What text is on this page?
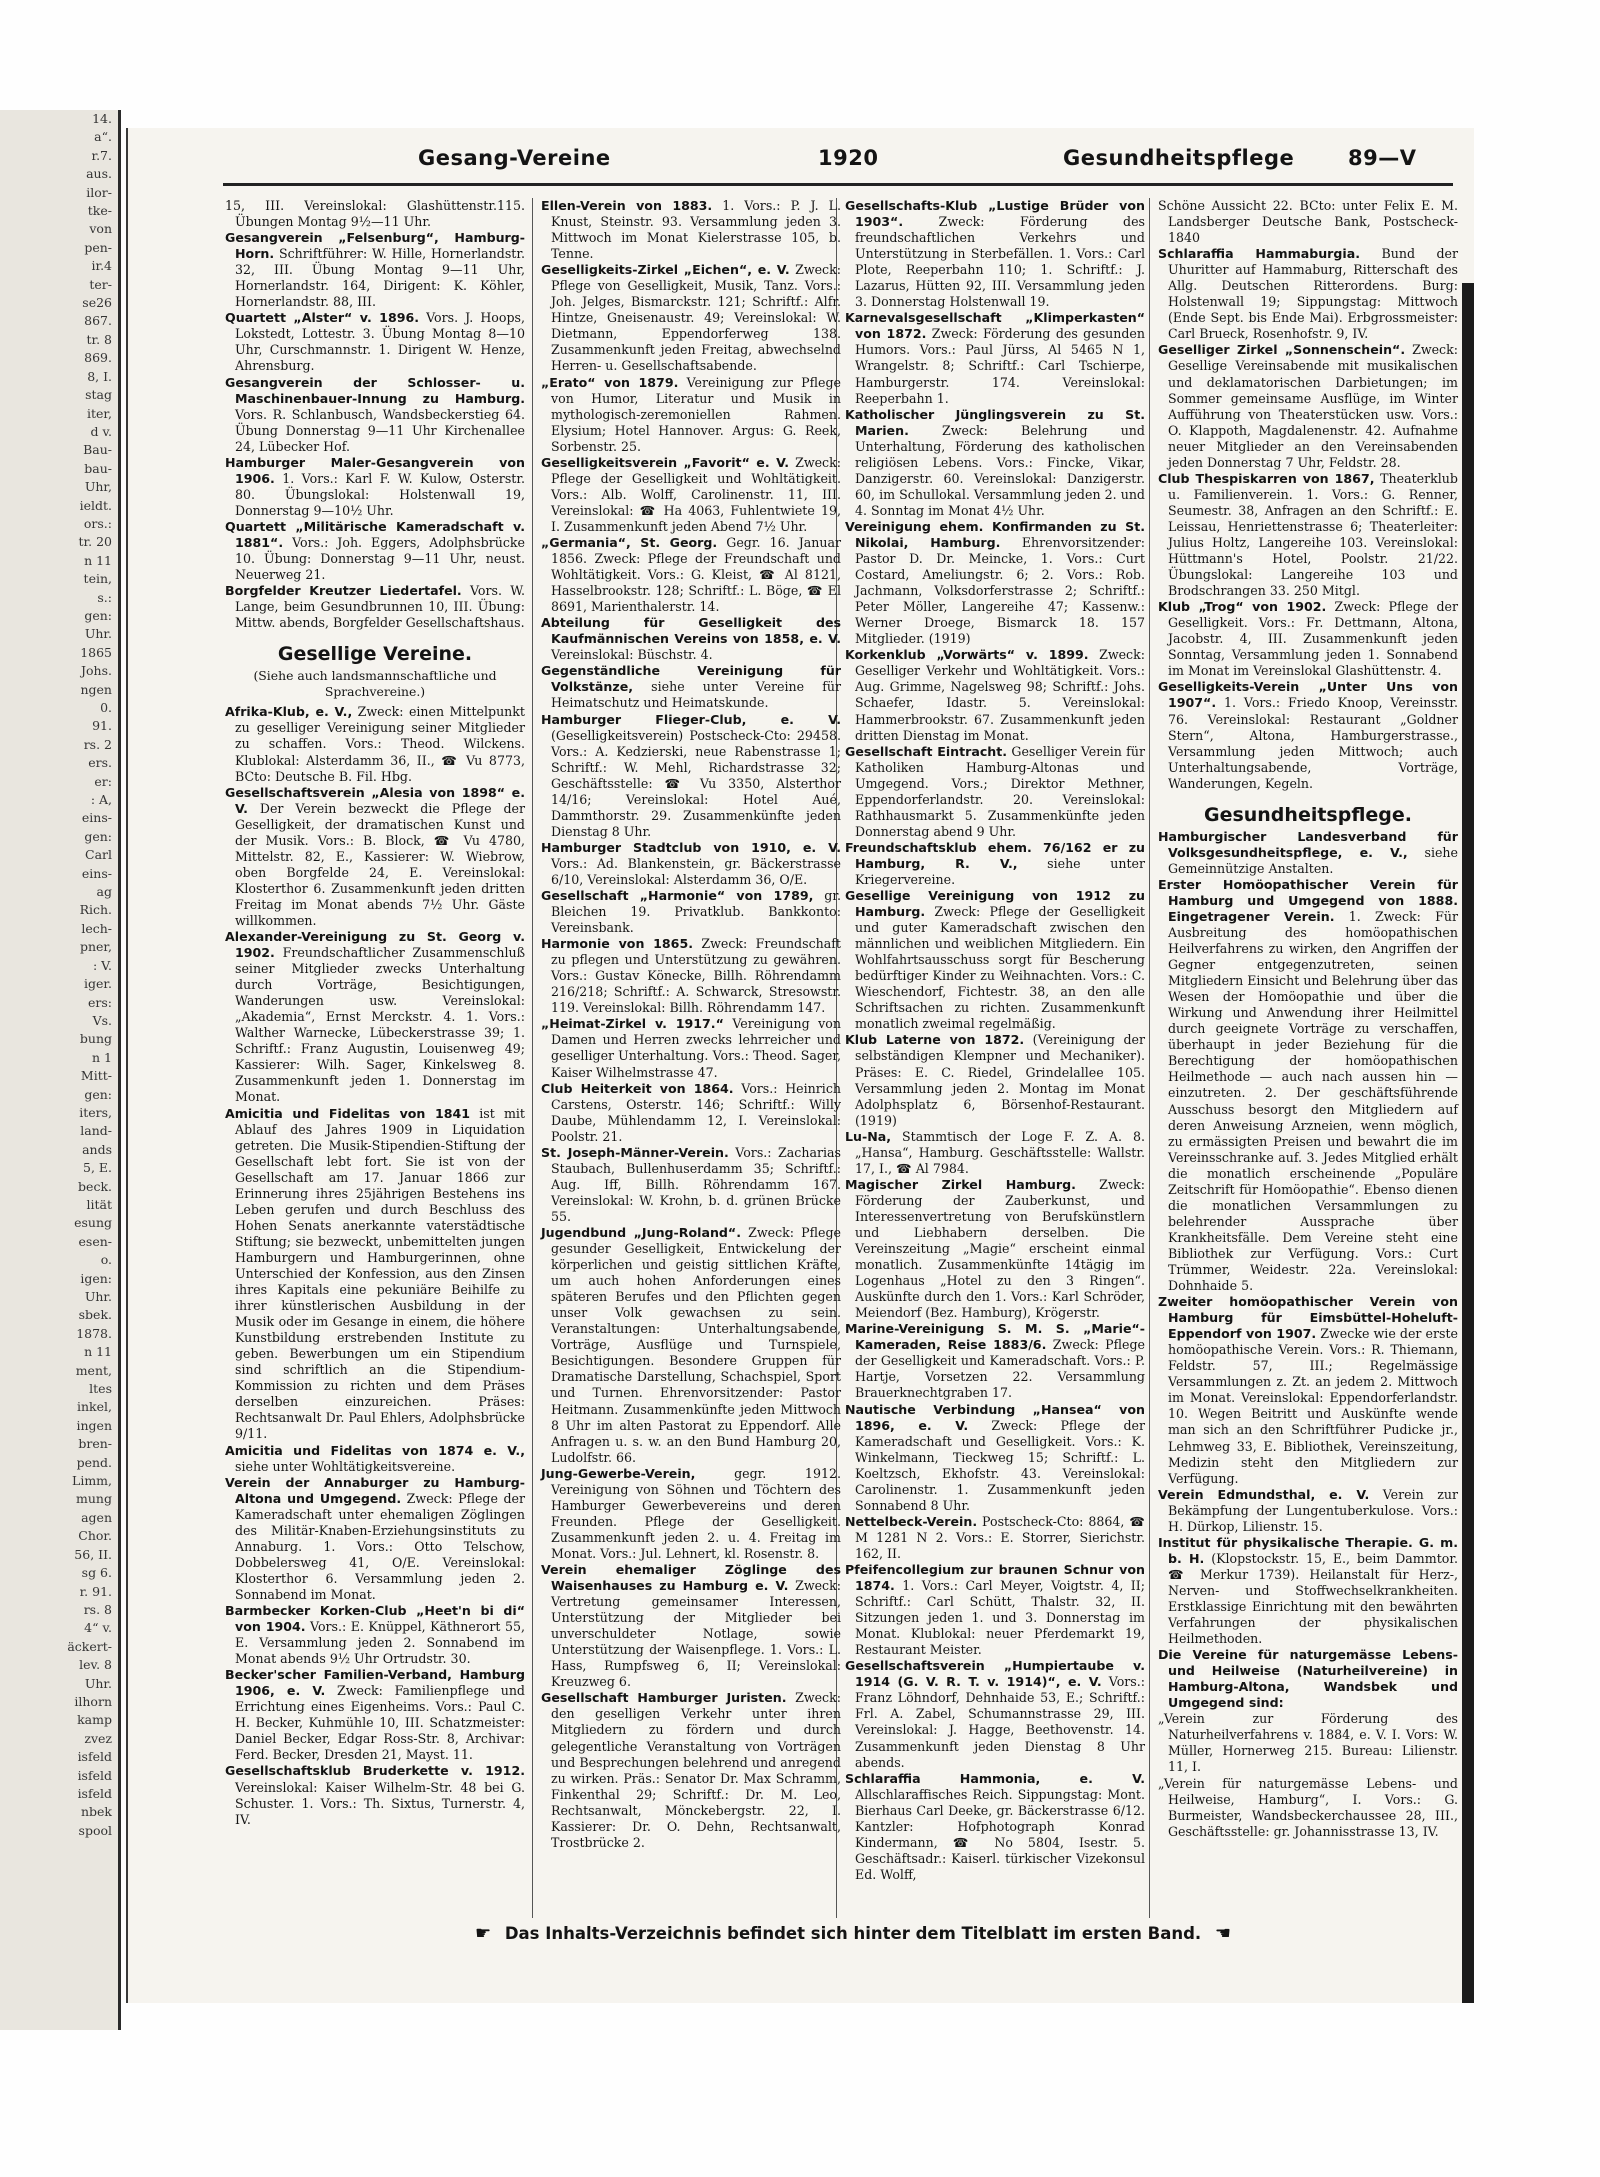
14.
a“.
r.7.
aus.
ilor-
tke-
von
pen-
ir.4
ter-
se26
867.
tr. 8
869.
8, I.
stag
iter,
d v.
Bau-
bau-
Uhr,
ieldt.
ors.:
tr. 20
n 11
tein,
s.:
gen:
Uhr.
1865
Johs.
ngen
0.
91.
rs. 2
ers.
er:
: A,
eins-
gen:
Carl
eins-
ag
Rich.
lech-
pner,
: V.
iger.
ers:
Vs.
bung
n 1
Mitt-
gen:
iters,
land-
ands
5, E.
beck.
lität
esung
esen-
o.
igen:
Uhr.
sbek.
1878.
n 11
ment,
ltes
inkel,
ingen
bren-
pend.
Limm,
mung
agen
Chor.
56, II.
sg 6.
r. 91.
rs. 8
4“ v.
äckert-
lev. 8
Uhr.
ilhorn
kamp
zvez
isfeld
isfeld
isfeld
nbek
spool
Gesang-Vereine	1920	Gesundheitspflege	89—V
15, III. Vereinslokal: Glashüttenstr.115. Übungen Montag 9½—11 Uhr.
Gesangverein „Felsenburg“, Hamburg-Horn. Schriftführer: W. Hille, Hornerlandstr. 32, III. Übung Montag 9—11 Uhr, Hornerlandstr. 164, Dirigent: K. Köhler, Hornerlandstr. 88, III.
Quartett „Alster“ v. 1896. Vors. J. Hoops, Lokstedt, Lottestr. 3. Übung Montag 8—10 Uhr, Curschmannstr. 1. Dirigent W. Henze, Ahrensburg.
Gesangverein der Schlosser- u. Maschinenbauer-Innung zu Hamburg. Vors. R. Schlanbusch, Wandsbeckerstieg 64. Übung Donnerstag 9—11 Uhr Kirchenallee 24, Lübecker Hof.
Hamburger Maler-Gesangverein von 1906. 1. Vors.: Karl F. W. Kulow, Osterstr. 80. Übungslokal: Holstenwall 19, Donnerstag 9—10½ Uhr.
Quartett „Militärische Kameradschaft v. 1881“. Vors.: Joh. Eggers, Adolphsbrücke 10. Übung: Donnerstag 9—11 Uhr, neust. Neuerweg 21.
Borgfelder Kreutzer Liedertafel. Vors. W. Lange, beim Gesundbrunnen 10, III. Übung: Mittw. abends, Borgfelder Gesellschaftshaus.
Gesellige Vereine.
(Siehe auch landsmannschaftliche und Sprachvereine.)
Afrika-Klub, e. V., Zweck: einen Mittelpunkt zu geselliger Vereinigung seiner Mitglieder zu schaffen. Vors.: Theod. Wilckens. Klublokal: Alsterdamm 36, II., ☎ Vu 8773, BCto: Deutsche B. Fil. Hbg.
Gesellschaftsverein „Alesia von 1898“ e. V. Der Verein bezweckt die Pflege der Geselligkeit, der dramatischen Kunst und der Musik. Vors.: B. Block, ☎ Vu 4780, Mittelstr. 82, E., Kassierer: W. Wiebrow, oben Borgfelde 24, E. Vereinslokal: Klosterthor 6. Zusammenkunft jeden dritten Freitag im Monat abends 7½ Uhr. Gäste willkommen.
Alexander-Vereinigung zu St. Georg v. 1902. Freundschaftlicher Zusammenschluß seiner Mitglieder zwecks Unterhaltung durch Vorträge, Besichtigungen, Wanderungen usw. Vereinslokal: „Akademia“, Ernst Merckstr. 4. 1. Vors.: Walther Warnecke, Lübeckerstrasse 39; 1. Schriftf.: Franz Augustin, Louisenweg 49; Kassierer: Wilh. Sager, Kinkelsweg 8. Zusammenkunft jeden 1. Donnerstag im Monat.
Amicitia und Fidelitas von 1841 ist mit Ablauf des Jahres 1909 in Liquidation getreten. Die Musik-Stipendien-Stiftung der Gesellschaft lebt fort. Sie ist von der Gesellschaft am 17. Januar 1866 zur Erinnerung ihres 25jährigen Bestehens ins Leben gerufen und durch Beschluss des Hohen Senats anerkannte vaterstädtische Stiftung; sie bezweckt, unbemittelten jungen Hamburgern und Hamburgerinnen, ohne Unterschied der Konfession, aus den Zinsen ihres Kapitals eine pekuniäre Beihilfe zu ihrer künstlerischen Ausbildung in der Musik oder im Gesange in einem, die höhere Kunstbildung erstrebenden Institute zu geben. Bewerbungen um ein Stipendium sind schriftlich an die Stipendium-Kommission zu richten und dem Präses derselben einzureichen. Präses: Rechtsanwalt Dr. Paul Ehlers, Adolphsbrücke 9/11.
Amicitia und Fidelitas von 1874 e. V., siehe unter Wohltätigkeitsvereine.
Verein der Annaburger zu Hamburg-Altona und Umgegend. Zweck: Pflege der Kameradschaft unter ehemaligen Zöglingen des Militär-Knaben-Erziehungsinstituts zu Annaburg. 1. Vors.: Otto Telschow, Dobbelersweg 41, O/E. Vereinslokal: Klosterthor 6. Versammlung jeden 2. Sonnabend im Monat.
Barmbecker Korken-Club „Heet'n bi di“ von 1904. Vors.: E. Knüppel, Käthnerort 55, E. Versammlung jeden 2. Sonnabend im Monat abends 9½ Uhr Ortrudstr. 30.
Becker'scher Familien-Verband, Hamburg 1906, e. V. Zweck: Familienpflege und Errichtung eines Eigenheims. Vors.: Paul C. H. Becker, Kuhmühle 10, III. Schatzmeister: Daniel Becker, Edgar Ross-Str. 8, Archivar: Ferd. Becker, Dresden 21, Mayst. 11.
Gesellschaftsklub Bruderkette v. 1912. Vereinslokal: Kaiser Wilhelm-Str. 48 bei G. Schuster. 1. Vors.: Th. Sixtus, Turnerstr. 4, IV.
Ellen-Verein von 1883. 1. Vors.: P. J. L. Knust, Steinstr. 93. Versammlung jeden 3. Mittwoch im Monat Kielerstrasse 105, b. Tenne.
Geselligkeits-Zirkel „Eichen“, e. V. Zweck: Pflege von Geselligkeit, Musik, Tanz. Vors.: Joh. Jelges, Bismarckstr. 121; Schriftf.: Alfr. Hintze, Gneisenaustr. 49; Vereinslokal: W. Dietmann, Eppendorferweg 138. Zusammenkunft jeden Freitag, abwechselnd Herren- u. Gesellschaftsabende.
„Erato“ von 1879. Vereinigung zur Pflege von Humor, Literatur und Musik in mythologisch-zeremoniellen Rahmen. Elysium; Hotel Hannover. Argus: G. Reek, Sorbenstr. 25.
Geselligkeitsverein „Favorit“ e. V. Zweck: Pflege der Geselligkeit und Wohltätigkeit. Vors.: Alb. Wolff, Carolinenstr. 11, III. Vereinslokal: ☎ Ha 4063, Fuhlentwiete 19, I. Zusammenkunft jeden Abend 7½ Uhr.
„Germania“, St. Georg. Gegr. 16. Januar 1856. Zweck: Pflege der Freundschaft und Wohltätigkeit. Vors.: G. Kleist, ☎ Al 8121, Hasselbrookstr. 128; Schriftf.: L. Böge, ☎ El 8691, Marienthalerstr. 14.
Abteilung für Geselligkeit des Kaufmännischen Vereins von 1858, e. V. Vereinslokal: Büschstr. 4.
Gegenständliche Vereinigung für Volkstänze, siehe unter Vereine für Heimatschutz und Heimatskunde.
Hamburger Flieger-Club, e. V. (Geselligkeitsverein) Postscheck-Cto: 29458. Vors.: A. Kedzierski, neue Rabenstrasse 1; Schriftf.: W. Mehl, Richardstrasse 32; Geschäftsstelle: ☎ Vu 3350, Alsterthor 14/16; Vereinslokal: Hotel Aué, Dammthorstr. 29. Zusammenkünfte jeden Dienstag 8 Uhr.
Hamburger Stadtclub von 1910, e. V. Vors.: Ad. Blankenstein, gr. Bäckerstrasse 6/10, Vereinslokal: Alsterdamm 36, O/E.
Gesellschaft „Harmonie“ von 1789, gr. Bleichen 19. Privatklub. Bankkonto: Vereinsbank.
Harmonie von 1865. Zweck: Freundschaft zu pflegen und Unterstützung zu gewähren. Vors.: Gustav Könecke, Billh. Röhrendamm 216/218; Schriftf.: A. Schwarck, Stresowstr. 119. Vereinslokal: Billh. Röhrendamm 147.
„Heimat-Zirkel v. 1917.“ Vereinigung von Damen und Herren zwecks lehrreicher und geselliger Unterhaltung. Vors.: Theod. Sager, Kaiser Wilhelmstrasse 47.
Club Heiterkeit von 1864. Vors.: Heinrich Carstens, Osterstr. 146; Schriftf.: Willy Daube, Mühlendamm 12, I. Vereinslokal: Poolstr. 21.
St. Joseph-Männer-Verein. Vors.: Zacharias Staubach, Bullenhuserdamm 35; Schriftf.: Aug. Iff, Billh. Röhrendamm 167. Vereinslokal: W. Krohn, b. d. grünen Brücke 55.
Jugendbund „Jung-Roland“. Zweck: Pflege gesunder Geselligkeit, Entwickelung der körperlichen und geistig sittlichen Kräfte, um auch hohen Anforderungen eines späteren Berufes und den Pflichten gegen unser Volk gewachsen zu sein. Veranstaltungen: Unterhaltungsabende, Vorträge, Ausflüge und Turnspiele, Besichtigungen. Besondere Gruppen für Dramatische Darstellung, Schachspiel, Sport und Turnen. Ehrenvorsitzender: Pastor Heitmann. Zusammenkünfte jeden Mittwoch 8 Uhr im alten Pastorat zu Eppendorf. Alle Anfragen u. s. w. an den Bund Hamburg 20, Ludolfstr. 66.
Jung-Gewerbe-Verein,	gegr. 1912. Vereinigung von Söhnen und Töchtern des Hamburger Gewerbevereins und deren Freunden. Pflege der Geselligkeit. Zusammenkunft jeden 2. u. 4. Freitag im Monat. Vors.: Jul. Lehnert, kl. Rosenstr. 8.
Verein ehemaliger Zöglinge des Waisenhauses zu Hamburg e. V. Zweck: Vertretung gemeinsamer Interessen, Unterstützung der Mitglieder bei unverschuldeter Notlage, sowie Unterstützung der Waisenpflege. 1. Vors.: L. Hass, Rumpfsweg 6, II; Vereinslokal: Kreuzweg 6.
Gesellschaft Hamburger Juristen. Zweck: den geselligen Verkehr unter ihren Mitgliedern zu fördern und durch gelegentliche Veranstaltung von Vorträgen und Besprechungen belehrend und anregend zu wirken. Präs.: Senator Dr. Max Schramm, Finkenthal 29; Schriftf.: Dr. M. Leo, Rechtsanwalt, Mönckebergstr. 22, I. Kassierer: Dr. O. Dehn, Rechtsanwalt, Trostbrücke 2.
Gesellschafts-Klub „Lustige Brüder von 1903“.	Zweck: Förderung des freundschaftlichen Verkehrs und Unterstützung in Sterbefällen. 1. Vors.: Carl Plote, Reeperbahn 110; 1. Schriftf.: J. Lazarus, Hütten 92, III. Versammlung jeden 3. Donnerstag Holstenwall 19.
Karnevalsgesellschaft „Klimperkasten“ von 1872. Zweck: Förderung des gesunden Humors. Vors.: Paul Jürss, Al 5465 N 1, Wrangelstr. 8; Schriftf.: Carl Tschierpe, Hamburgerstr. 174. Vereinslokal: Reeperbahn 1.
Katholischer Jünglingsverein zu St. Marien.	Zweck: Belehrung und Unterhaltung, Förderung des katholischen religiösen Lebens. Vors.: Fincke, Vikar, Danzigerstr. 60. Vereinslokal: Danzigerstr. 60, im Schullokal. Versammlung jeden 2. und 4. Sonntag im Monat 4½ Uhr.
Vereinigung ehem. Konfirmanden zu St. Nikolai, Hamburg. Ehrenvorsitzender: Pastor D. Dr. Meincke, 1. Vors.: Curt Costard, Ameliungstr. 6; 2. Vors.: Rob. Jachmann, Volksdorferstrasse 2; Schriftf.: Peter Möller, Langereihe 47; Kassenw.: Werner Droege, Bismarck 18. 157 Mitglieder. (1919)
Korkenklub „Vorwärts“ v. 1899. Zweck: Geselliger Verkehr und Wohltätigkeit. Vors.: Aug. Grimme, Nagelsweg 98; Schriftf.: Johs. Schaefer, Idastr. 5. Vereinslokal: Hammerbrookstr. 67. Zusammenkunft jeden dritten Dienstag im Monat.
Gesellschaft Eintracht. Geselliger Verein für Katholiken Hamburg-Altonas und Umgegend. Vors.; Direktor Methner, Eppendorferlandstr. 20. Vereinslokal: Rathhausmarkt 5. Zusammenkünfte jeden Donnerstag abend 9 Uhr.
Freundschaftsklub ehem. 76/162 er zu Hamburg, R. V., siehe unter Kriegervereine.
Gesellige Vereinigung von 1912 zu Hamburg. Zweck: Pflege der Geselligkeit und guter Kameradschaft zwischen den männlichen und weiblichen Mitgliedern. Ein Wohlfahrtsausschuss sorgt für Bescherung bedürftiger Kinder zu Weihnachten. Vors.: C. Wieschendorf, Fichtestr. 38, an den alle Schriftsachen zu richten. Zusammenkunft monatlich zweimal regelmäßig.
Klub Laterne von 1872. (Vereinigung der selbständigen Klempner und Mechaniker). Präses: E. C. Riedel, Grindelallee 105. Versammlung jeden 2. Montag im Monat Adolphsplatz 6, Börsenhof-Restaurant. (1919)
Lu-Na, Stammtisch der Loge F. Z. A. 8. „Hansa“, Hamburg. Geschäftsstelle: Wallstr. 17, I., ☎ Al 7984.
Magischer Zirkel Hamburg. Zweck: Förderung der Zauberkunst, und Interessenvertretung von Berufskünstlern und Liebhabern derselben. Die Vereinszeitung „Magie“ erscheint einmal monatlich. Zusammenkünfte 14tägig im Logenhaus „Hotel zu den 3 Ringen“. Auskünfte durch den 1. Vors.: Karl Schröder, Meiendorf (Bez. Hamburg), Krögerstr.
Marine-Vereinigung S. M. S. „Marie“-Kameraden, Reise 1883/6. Zweck: Pflege der Geselligkeit und Kameradschaft. Vors.: P. Hartje, Vorsetzen 22. Versammlung Brauerknechtgraben 17.
Nautische Verbindung „Hansea“ von 1896, e. V. Zweck: Pflege der Kameradschaft und Geselligkeit. Vors.: K. Winkelmann, Tieckweg 15; Schriftf.: L. Koeltzsch, Ekhofstr. 43. Vereinslokal: Carolinenstr. 1. Zusammenkunft jeden Sonnabend 8 Uhr.
Nettelbeck-Verein. Postscheck-Cto: 8864, ☎ M 1281 N 2. Vors.: E. Storrer, Sierichstr. 162, II.
Pfeifencollegium zur braunen Schnur von 1874. 1. Vors.: Carl Meyer, Voigtstr. 4, II; Schriftf.: Carl Schütt, Thalstr. 32, II. Sitzungen jeden 1. und 3. Donnerstag im Monat. Klublokal: neuer Pferdemarkt 19, Restaurant Meister.
Gesellschaftsverein „Humpiertaube v. 1914 (G. V. R. T. v. 1914)“, e. V. Vors.: Franz Löhndorf, Dehnhaide 53, E.; Schriftf.: Frl. A. Zabel, Schumannstrasse 29, III. Vereinslokal: J. Hagge, Beethovenstr. 14. Zusammenkunft jeden Dienstag 8 Uhr abends.
Schlaraffia Hammonia, e. V. Allschlaraffisches Reich. Sippungstag: Mont. Bierhaus Carl Deeke, gr. Bäckerstrasse 6/12. Kantzler: Hofphotograph Konrad Kindermann, ☎ No 5804, Isestr. 5. Geschäftsadr.: Kaiserl. türkischer Vizekonsul Ed. Wolff,
Schöne Aussicht 22. BCto: unter Felix E. M. Landsberger Deutsche Bank, Postscheck- 1840
Schlaraffia Hammaburgia. Bund der Uhuritter auf Hammaburg, Ritterschaft des Allg. Deutschen Ritterordens. Burg: Holstenwall 19; Sippungstag: Mittwoch (Ende Sept. bis Ende Mai). Erbgrossmeister: Carl Brueck, Rosenhofstr. 9, IV.
Geselliger Zirkel „Sonnenschein“. Zweck: Gesellige Vereinsabende mit musikalischen und deklamatorischen Darbietungen; im Sommer gemeinsame Ausflüge, im Winter Aufführung von Theaterstücken usw. Vors.: O. Klappoth, Magdalenenstr. 42. Aufnahme neuer Mitglieder an den Vereinsabenden jeden Donnerstag 7 Uhr, Feldstr. 28.
Club Thespiskarren von 1867, Theaterklub u. Familienverein. 1. Vors.: G. Renner, Seumestr. 38, Anfragen an den Schriftf.: E. Leissau, Henriettenstrasse 6; Theaterleiter: Julius Holtz, Langereihe 103. Vereinslokal: Hüttmann's Hotel, Poolstr. 21/22. Übungslokal: Langereihe 103 und Brodschrangen 33. 250 Mitgl.
Klub „Trog“ von 1902. Zweck: Pflege der Geselligkeit. Vors.: Fr. Dettmann, Altona, Jacobstr. 4, III. Zusammenkunft jeden Sonntag, Versammlung jeden 1. Sonnabend im Monat im Vereinslokal Glashüttenstr. 4.
Geselligkeits-Verein „Unter Uns von 1907“. 1. Vors.: Friedo Knoop, Vereinsstr. 76. Vereinslokal: Restaurant „Goldner Stern“, Altona, Hamburgerstrasse., Versammlung jeden Mittwoch; auch Unterhaltungsabende, Vorträge, Wanderungen, Kegeln.
Gesundheitspflege.
Hamburgischer Landesverband für Volksgesundheitspflege, e. V., siehe Gemeinnützige Anstalten.
Erster Homöopathischer Verein für Hamburg und Umgegend von 1888. Eingetragener Verein. 1. Zweck: Für Ausbreitung des homöopathischen Heilverfahrens zu wirken, den Angriffen der Gegner entgegenzutreten, seinen Mitgliedern Einsicht und Belehrung über das Wesen der Homöopathie und über die Wirkung und Anwendung ihrer Heilmittel durch geeignete Vorträge zu verschaffen, überhaupt in jeder Beziehung für die Berechtigung der homöopathischen Heilmethode — auch nach aussen hin — einzutreten. 2. Der geschäftsführende Ausschuss besorgt den Mitgliedern auf deren Anweisung Arzneien, wenn möglich, zu ermässigten Preisen und bewahrt die im Vereinsschranke auf. 3. Jedes Mitglied erhält die monatlich erscheinende „Populäre Zeitschrift für Homöopathie“. Ebenso dienen die monatlichen Versammlungen zu belehrender Aussprache über Krankheitsfälle. Dem Vereine steht eine Bibliothek zur Verfügung. Vors.: Curt Trümmer, Weidestr. 22a. Vereinslokal: Dohnhaide 5.
Zweiter homöopathischer Verein von Hamburg für Eimsbüttel-Hoheluft-Eppendorf von 1907. Zwecke wie der erste homöopathische Verein. Vors.: R. Thiemann, Feldstr. 57, III.; Regelmässige Versammlungen z. Zt. an jedem 2. Mittwoch im Monat. Vereinslokal: Eppendorferlandstr. 10. Wegen Beitritt und Auskünfte wende man sich an den Schriftführer Pudicke jr., Lehmweg 33, E. Bibliothek, Vereinszeitung, Medizin steht den Mitgliedern zur Verfügung.
Verein Edmundsthal, e. V. Verein zur Bekämpfung der Lungentuberkulose. Vors.: H. Dürkop, Lilienstr. 15.
Institut für physikalische Therapie. G. m. b. H. (Klopstockstr. 15, E., beim Dammtor. ☎ Merkur 1739). Heilanstalt für Herz-, Nerven- und Stoffwechselkrankheiten. Erstklassige Einrichtung mit den bewährten Verfahrungen der physikalischen Heilmethoden.
Die Vereine für naturgemässe Lebens- und Heilweise (Naturheilvereine) in Hamburg-Altona, Wandsbek und Umgegend sind:
„Verein zur Förderung des Naturheilverfahrens v. 1884, e. V. I. Vors: W. Müller, Hornerweg 215. Bureau: Lilienstr. 11, I.
„Verein für naturgemässe Lebens- und Heilweise, Hamburg“, I. Vors.: G. Burmeister, Wandsbeckerchaussee 28, III., Geschäftsstelle: gr. Johannisstrasse 13, IV.
☛ Das Inhalts-Verzeichnis befindet sich hinter dem Titelblatt im ersten Band. ☚
